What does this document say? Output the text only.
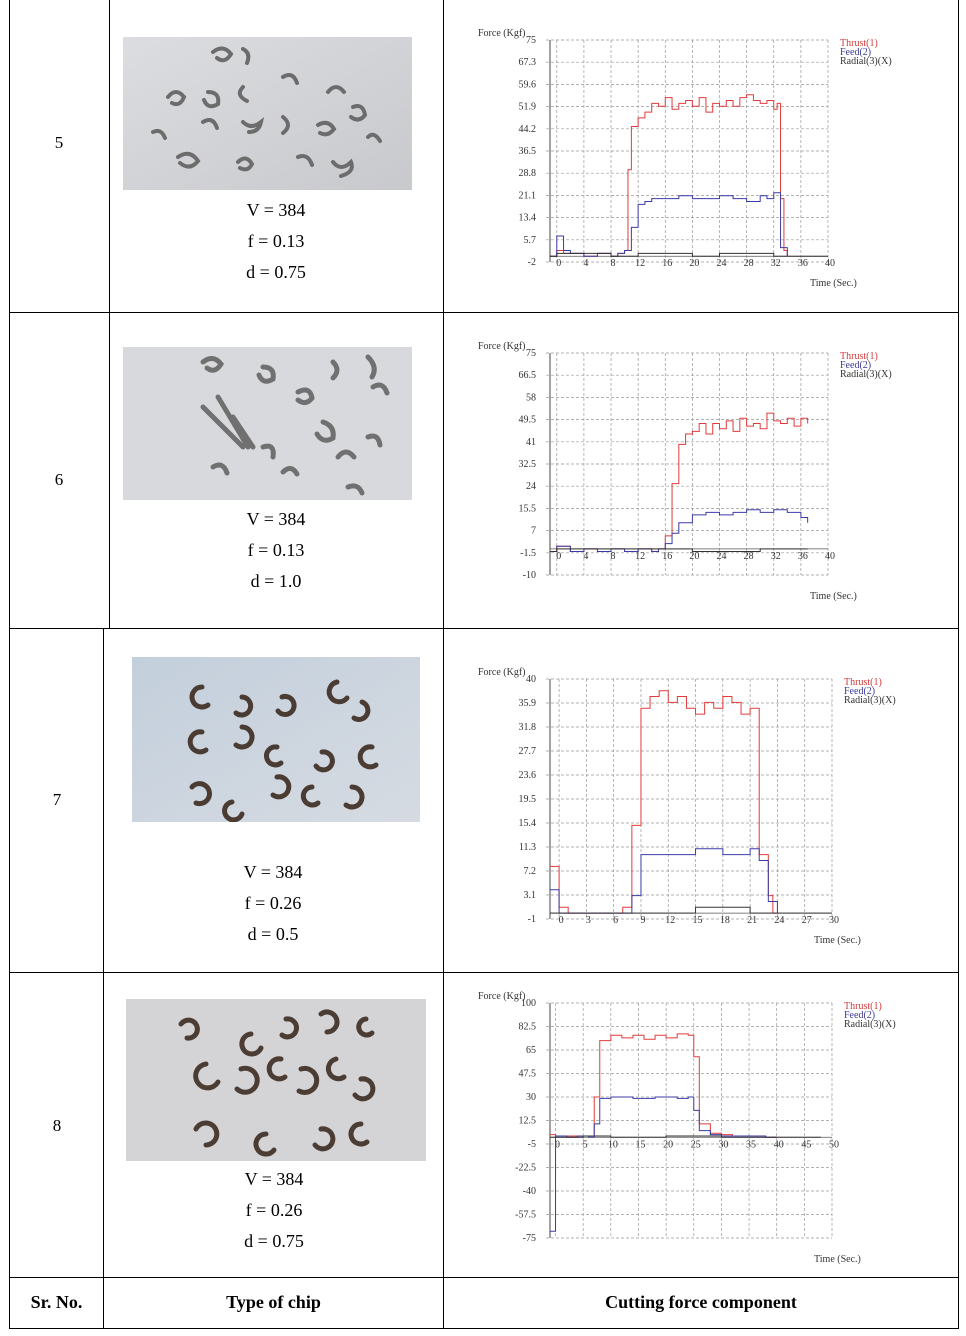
5
V = 384
f = 0.13
d = 0.75
75
67.3
59.6
51.9
44.2
36.5
28.8
21.1
13.4
5.7
-2 0 4 8 12 16 20 24 28 32 36 40
Force (Kgf)
Time (Sec.)
Thrust(1)
Feed(2)
Radial(3)(X)
6
V = 384
f = 0.13
d = 1.0
75
66.5
58
49.5
41
32.5
24
15.5
7
-1.5
-10
0 4 8 12 16 20 24 28 32 36 40
Force (Kgf)
Time (Sec.)
Thrust(1)
Feed(2)
Radial(3)(X)
7
V = 384
f = 0.26
d = 0.5
40
35.9
31.8
27.7
23.6
19.5
15.4
11.3
7.2
3.1
-1 0 3 6 9 12 15 18 21 24 27 30
Force (Kgf)
Time (Sec.)
Thrust(1)
Feed(2)
Radial(3)(X)
8
V = 384
f = 0.26
d = 0.75
100
82.5
65
47.5
30
12.5
-5
-22.5
-40
-57.5
-75
0 5 10 15 20 25 30 35 40 45 50
Force (Kgf)
Time (Sec.)
Thrust(1)
Feed(2)
Radial(3)(X)
Sr. No.	Type of chip	Cutting force component
